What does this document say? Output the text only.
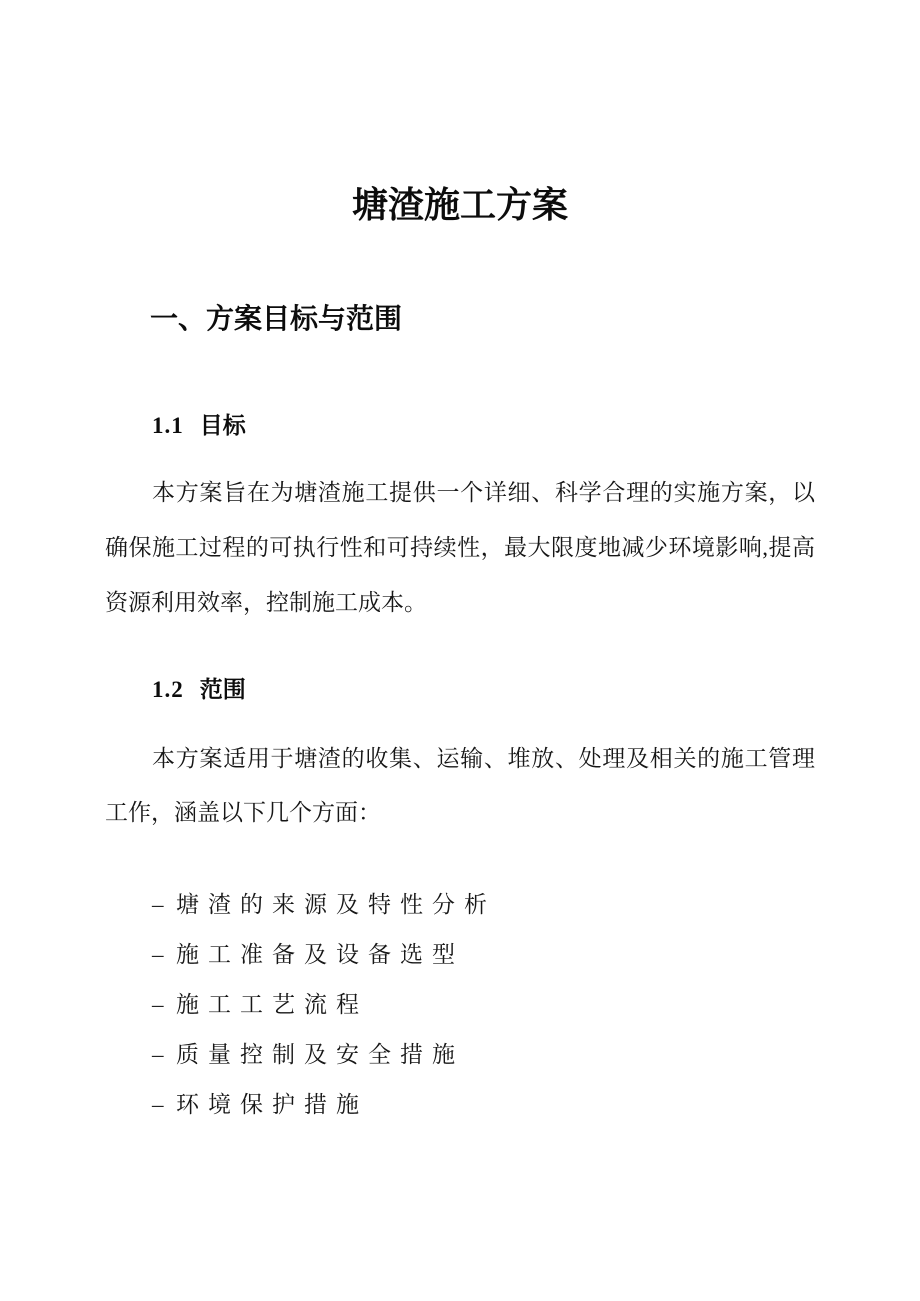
塘渣施工方案
一、方案目标与范围
1.1 目标

本方案旨在为塘渣施工提供一个详细、科学合理的实施方案，以确保施工过程的可执行性和可持续性，最大限度地减少环境影响,提高资源利用效率，控制施工成本。

1.2 范围

本方案适用于塘渣的收集、运输、堆放、处理及相关的施工管理工作，涵盖以下几个方面：

– 塘渣的来源及特性分析
– 施工准备及设备选型
– 施工工艺流程
– 质量控制及安全措施
– 环境保护措施
